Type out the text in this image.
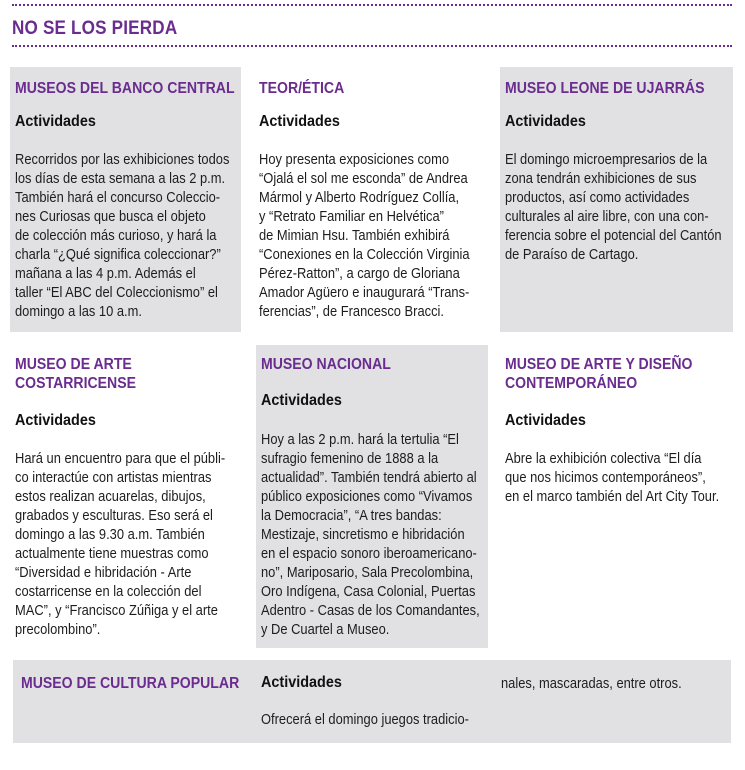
NO SE LOS PIERDA
MUSEOS DEL BANCO CENTRAL
Actividades
Recorridos por las exhibiciones todos
los días de esta semana a las 2 p.m.
También hará el concurso Coleccio-
nes Curiosas que busca el objeto
de colección más curioso, y hará la
charla “¿Qué significa coleccionar?”
mañana a las 4 p.m. Además el
taller “El ABC del Coleccionismo” el
domingo a las 10 a.m.
TEOR/ÉTICA
Actividades
Hoy presenta exposiciones como
“Ojalá el sol me esconda” de Andrea
Mármol y Alberto Rodríguez Collía,
y “Retrato Familiar en Helvética”
de Mimian Hsu. También exhibirá
“Conexiones en la Colección Virginia
Pérez-Ratton”, a cargo de Gloriana
Amador Agüero e inaugurará “Trans-
ferencias”, de Francesco Bracci.
MUSEO LEONE DE UJARRÁS
Actividades
El domingo microempresarios de la
zona tendrán exhibiciones de sus
productos, así como actividades
culturales al aire libre, con una con-
ferencia sobre el potencial del Cantón
de Paraíso de Cartago.
MUSEO DE ARTE
COSTARRICENSE
Actividades
Hará un encuentro para que el públi-
co interactúe con artistas mientras
estos realizan acuarelas, dibujos,
grabados y esculturas. Eso será el
domingo a las 9.30 a.m. También
actualmente tiene muestras como
“Diversidad e hibridación - Arte
costarricense en la colección del
MAC”, y “Francisco Zúñiga y el arte
precolombino”.
MUSEO NACIONAL
Actividades
Hoy a las 2 p.m. hará la tertulia “El
sufragio femenino de 1888 a la
actualidad”. También tendrá abierto al
público exposiciones como “Vivamos
la Democracia”, “A tres bandas:
Mestizaje, sincretismo e hibridación
en el espacio sonoro iberoamericano-
no”, Mariposario, Sala Precolombina,
Oro Indígena, Casa Colonial, Puertas
Adentro - Casas de los Comandantes,
y De Cuartel a Museo.
MUSEO DE ARTE Y DISEÑO
CONTEMPORÁNEO
Actividades
Abre la exhibición colectiva “El día
que nos hicimos contemporáneos”,
en el marco también del Art City Tour.
MUSEO DE CULTURA POPULAR Actividades
Ofrecerá el domingo juegos tradicio-
nales, mascaradas, entre otros.
